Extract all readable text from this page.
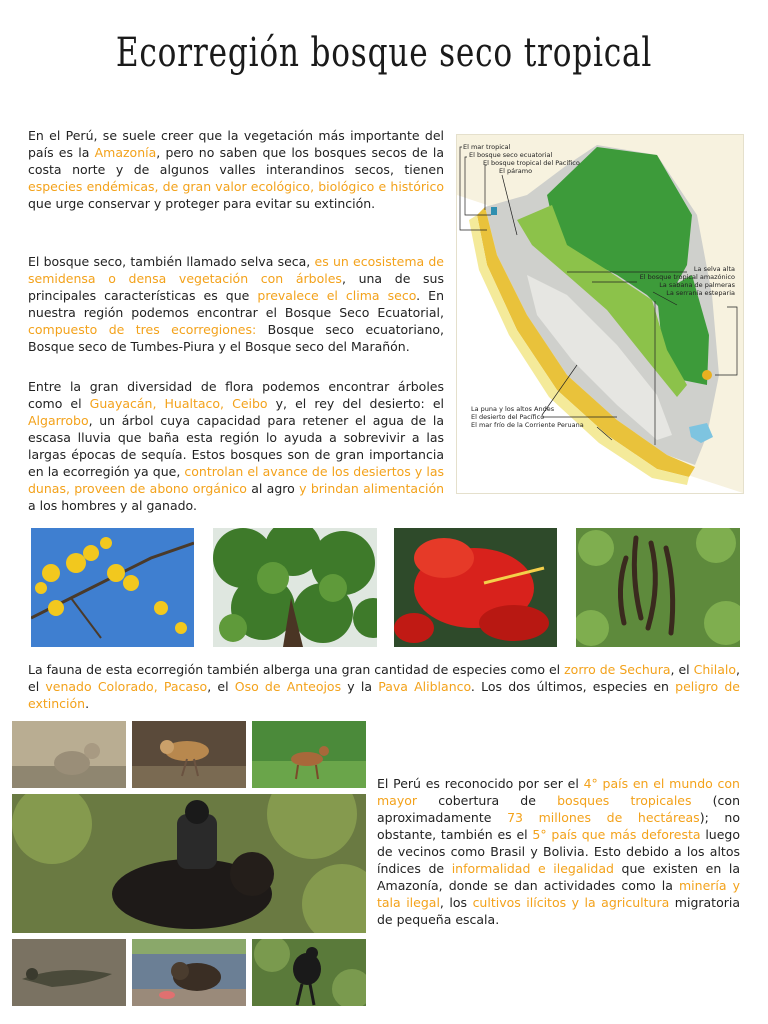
Ecorregión bosque seco tropical
En el Perú, se suele creer que la vegetación más importante del país es la Amazonía, pero no saben que los bosques secos de la costa norte y de algunos valles interandinos secos, tienen especies endémicas, de gran valor ecológico, biológico e histórico que urge conservar y proteger para evitar su extinción.
El bosque seco, también llamado selva seca, es un ecosistema de semidensa o densa vegetación con árboles, una de sus principales características es que prevalece el clima seco. En nuestra región podemos encontrar el Bosque Seco Ecuatorial, compuesto de tres ecorregiones: Bosque seco ecuatoriano, Bosque seco de Tumbes-Piura y el Bosque seco del Marañón.
Entre la gran diversidad de flora podemos encontrar árboles como el Guayacán, Hualtaco, Ceibo y, el rey del desierto: el Algarrobo, un árbol cuya capacidad para retener el agua de la escasa lluvia que baña esta región lo ayuda a sobrevivir a las largas épocas de sequía. Estos bosques son de gran importancia en la ecorregión ya que, controlan el avance de los desiertos y las dunas, proveen de abono orgánico al agro y brindan alimentación a los hombres y al ganado.
El mar tropical
El bosque seco ecuatorial
El bosque tropical del Pacífico
El páramo
La selva alta
El bosque tropical amazónico
La sabana de palmeras
La serranía esteparia
La puna y los altos Andes
El desierto del Pacífico
El mar frío de la Corriente Peruana
La fauna de esta ecorregión también alberga una gran cantidad de especies como el zorro de Sechura, el Chilalo, el venado Colorado, Pacaso, el Oso de Anteojos y la Pava Aliblanco. Los dos últimos, especies en peligro de extinción.
El Perú es reconocido por ser el 4° país en el mundo con mayor cobertura de bosques tropicales (con aproximadamente 73 millones de hectáreas); no obstante, también es el 5° país que más deforesta luego de vecinos como Brasil y Bolivia. Esto debido a los altos índices de informalidad e ilegalidad que existen en la Amazonía, donde se dan actividades como la minería y tala ilegal, los cultivos ilícitos y la agricultura migratoria de pequeña escala.
